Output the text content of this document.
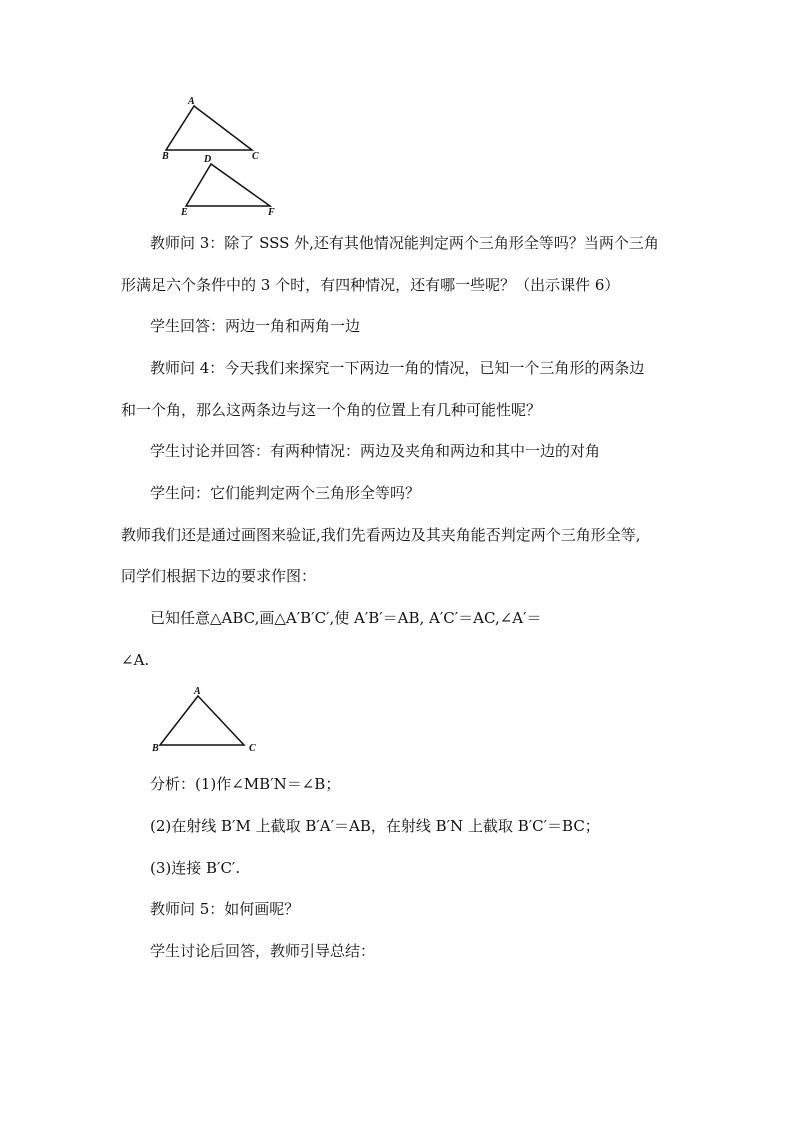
A
B	C
D
E	F

教师问 3：除了 SSS 外,还有其他情况能判定两个三角形全等吗？当两个三角

形满足六个条件中的 3 个时，有四种情况，还有哪一些呢？（出示课件 6）

学生回答：两边一角和两角一边

教师问 4：今天我们来探究一下两边一角的情况，已知一个三角形的两条边

和一个角，那么这两条边与这一个角的位置上有几种可能性呢？

学生讨论并回答：有两种情况：两边及夹角和两边和其中一边的对角

学生问：它们能判定两个三角形全等吗？

教师我们还是通过画图来验证,我们先看两边及其夹角能否判定两个三角形全等,

同学们根据下边的要求作图：

已知任意△ABC,画△A′B′C′,使 A′B′＝AB, A′C′＝AC,∠A′＝

∠A.

A
B	C

分析：(1)作∠MB′N＝∠B；

(2)在射线 B′M 上截取 B′A′＝AB，在射线 B′N 上截取 B′C′＝BC；

(3)连接 B′C′.

教师问 5：如何画呢？

学生讨论后回答，教师引导总结：
